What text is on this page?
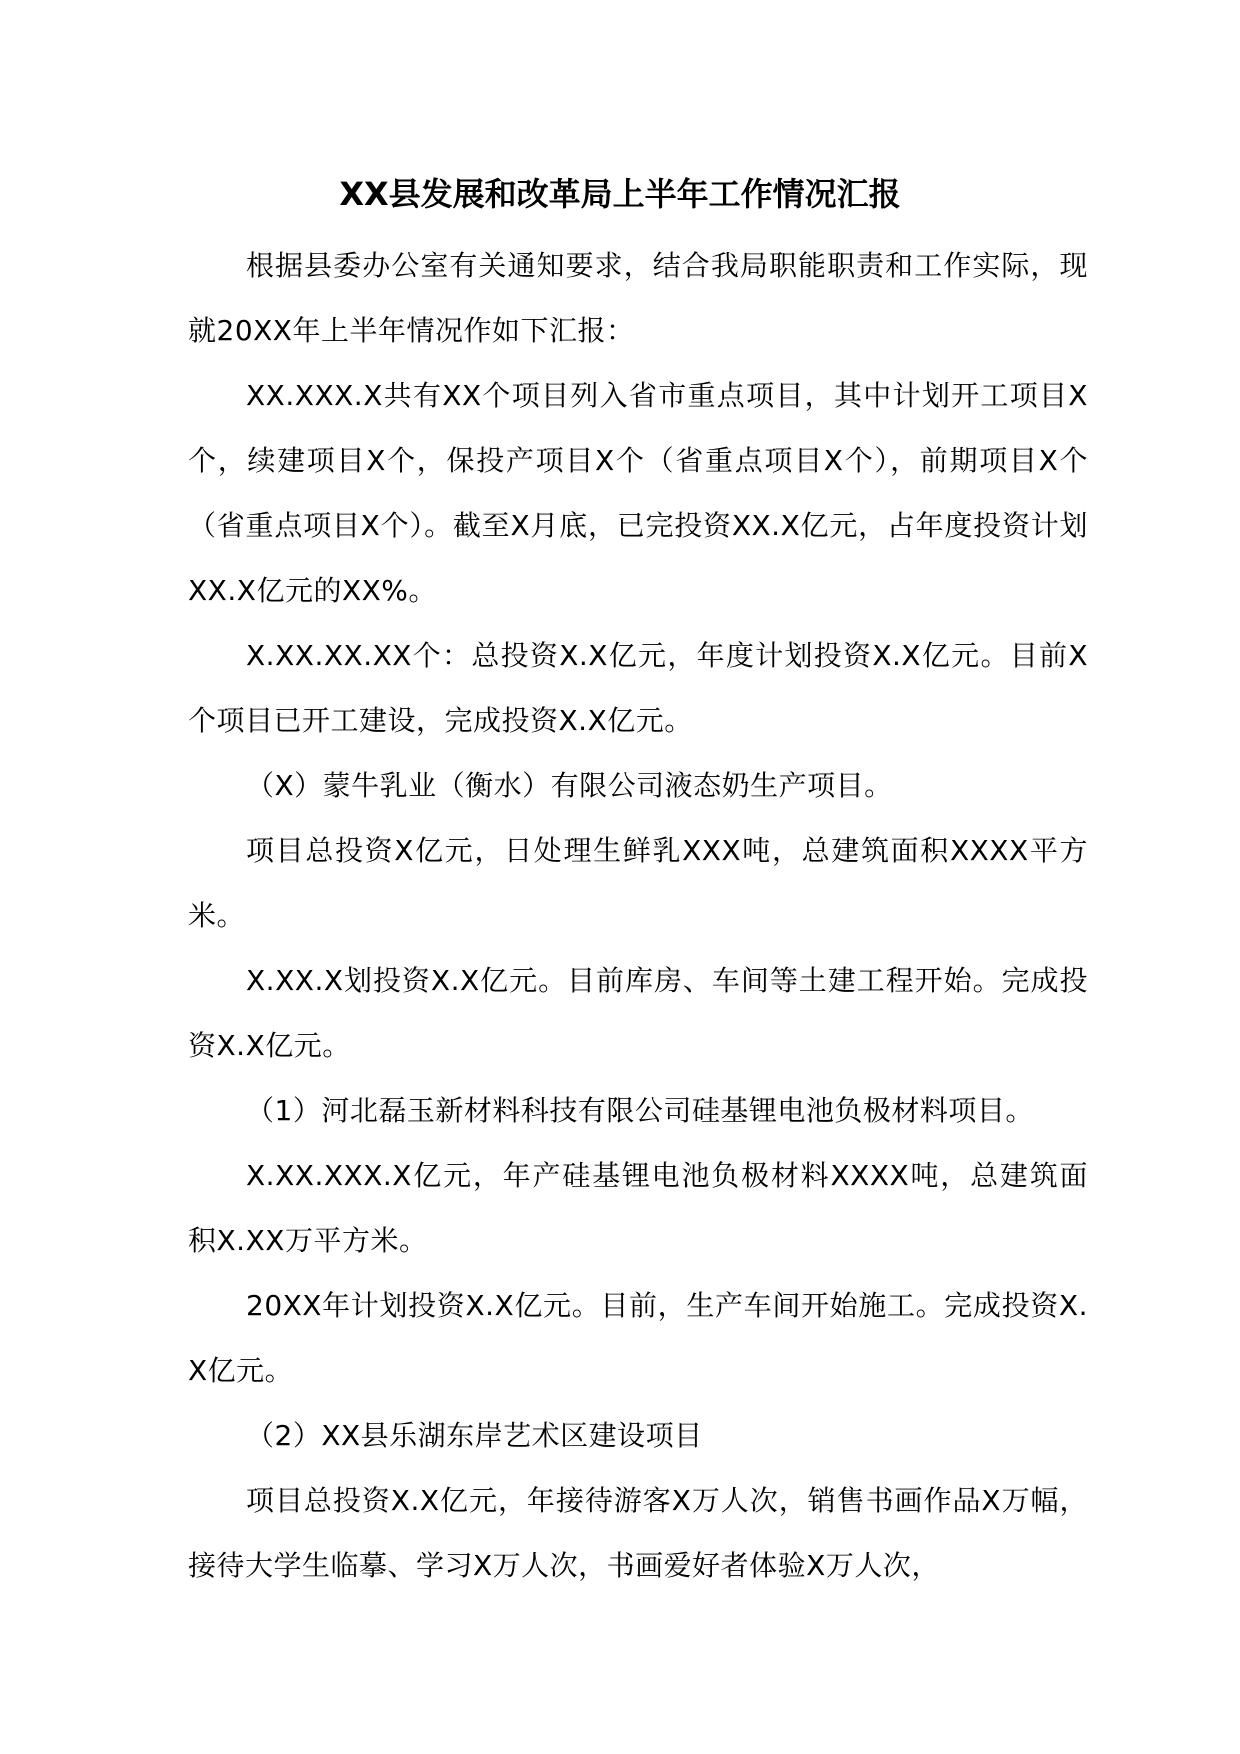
XX县发展和改革局上半年工作情况汇报

根据县委办公室有关通知要求，结合我局职能职责和工作实际，现就20XX年上半年情况作如下汇报：

XX.XXX.X共有XX个项目列入省市重点项目，其中计划开工项目X个，续建项目X个，保投产项目X个（省重点项目X个），前期项目X个（省重点项目X个）。截至X月底，已完投资XX.X亿元，占年度投资计划XX.X亿元的XX%。

X.XX.XX.XX个：总投资X.X亿元，年度计划投资X.X亿元。目前X个项目已开工建设，完成投资X.X亿元。

（X）蒙牛乳业（衡水）有限公司液态奶生产项目。

项目总投资X亿元，日处理生鲜乳XXX吨，总建筑面积XXXX平方米。

X.XX.X划投资X.X亿元。目前库房、车间等土建工程开始。完成投资X.X亿元。

（1）河北磊玉新材料科技有限公司硅基锂电池负极材料项目。

X.XX.XXX.X亿元，年产硅基锂电池负极材料XXXX吨，总建筑面积X.XX万平方米。

20XX年计划投资X.X亿元。目前，生产车间开始施工。完成投资X.X亿元。

（2）XX县乐湖东岸艺术区建设项目

项目总投资X.X亿元，年接待游客X万人次，销售书画作品X万幅，接待大学生临摹、学习X万人次，书画爱好者体验X万人次，
